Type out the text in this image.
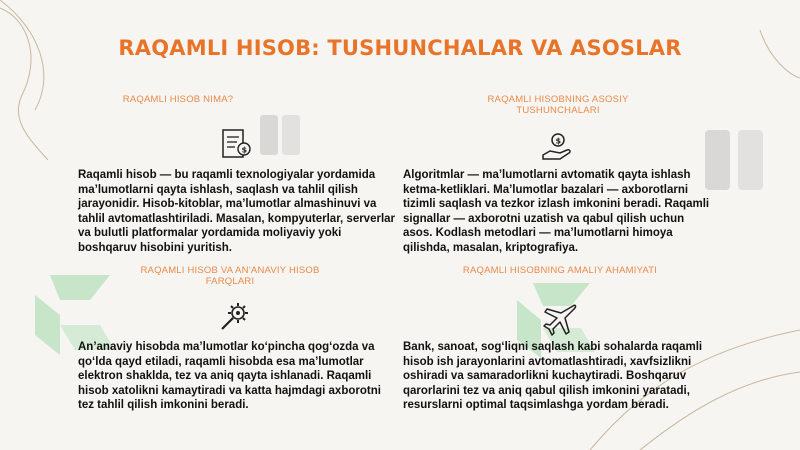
RAQAMLI HISOB: TUSHUNCHALAR VA ASOSLAR
RAQAMLI HISOB NIMA?
$
Raqamli hisob — bu raqamli texnologiyalar yordamida ma’lumotlarni qayta ishlash, saqlash va tahlil qilish jarayonidir. Hisob-kitoblar, ma’lumotlar almashinuvi va tahlil avtomatlashtiriladi. Masalan, kompyuterlar, serverlar va bulutli platformalar yordamida moliyaviy yoki boshqaruv hisobini yuritish.
RAQAMLI HISOBNING ASOSIY TUSHUNCHALARI
$
Algoritmlar — ma’lumotlarni avtomatik qayta ishlash ketma-ketliklari. Ma’lumotlar bazalari — axborotlarni tizimli saqlash va tezkor izlash imkonini beradi. Raqamli signallar — axborotni uzatish va qabul qilish uchun asos. Kodlash metodlari — ma’lumotlarni himoya qilishda, masalan, kriptografiya.
RAQAMLI HISOB VA AN’ANAVIY HISOB FARQLARI
An’anaviy hisobda ma’lumotlar ko‘pincha qog‘ozda va qo‘lda qayd etiladi, raqamli hisobda esa ma’lumotlar elektron shaklda, tez va aniq qayta ishlanadi. Raqamli hisob xatolikni kamaytiradi va katta hajmdagi axborotni tez tahlil qilish imkonini beradi.
RAQAMLI HISOBNING AMALIY AHAMIYATI
Bank, sanoat, sog‘liqni saqlash kabi sohalarda raqamli hisob ish jarayonlarini avtomatlashtiradi, xavfsizlikni oshiradi va samaradorlikni kuchaytiradi. Boshqaruv qarorlarini tez va aniq qabul qilish imkonini yaratadi, resurslarni optimal taqsimlashga yordam beradi.
